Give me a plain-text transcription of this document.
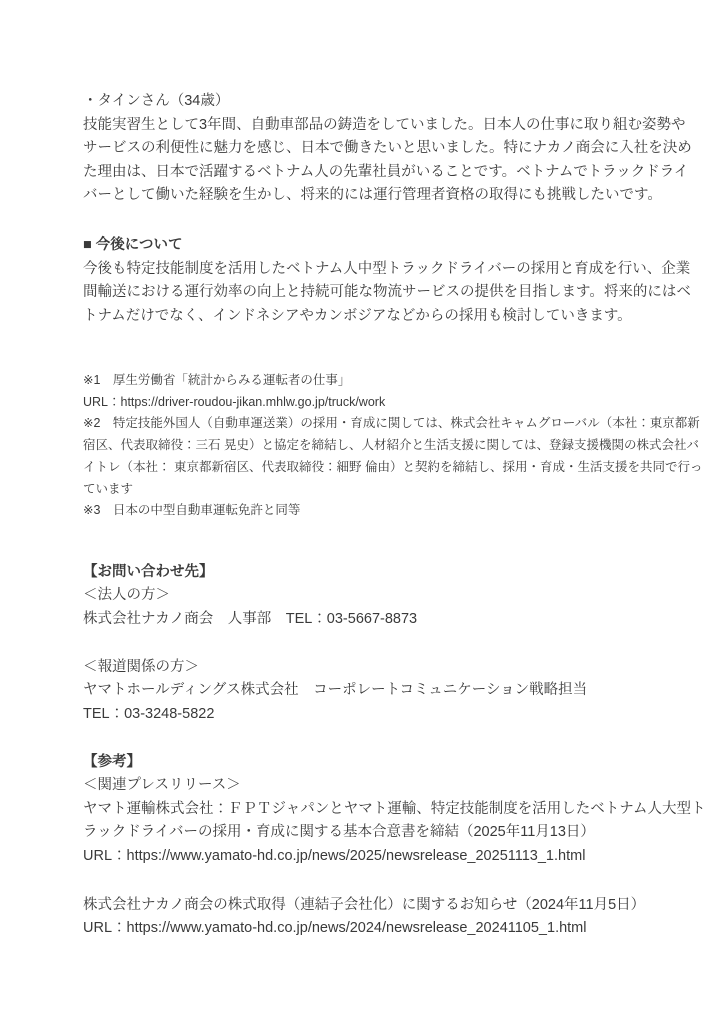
・タインさん（34歳）
技能実習生として3年間、自動車部品の鋳造をしていました。日本人の仕事に取り組む姿勢や
サービスの利便性に魅力を感じ、日本で働きたいと思いました。特にナカノ商会に入社を決め
た理由は、日本で活躍するベトナム人の先輩社員がいることです。ベトナムでトラックドライ
バーとして働いた経験を生かし、将来的には運行管理者資格の取得にも挑戦したいです。
■ 今後について
今後も特定技能制度を活用したベトナム人中型トラックドライバーの採用と育成を行い、企業
間輸送における運行効率の向上と持続可能な物流サービスの提供を目指します。将来的にはベ
トナムだけでなく、インドネシアやカンボジアなどからの採用も検討していきます。
※1　厚生労働省「統計からみる運転者の仕事」
URL：https://driver-roudou-jikan.mhlw.go.jp/truck/work
※2　特定技能外国人（自動車運送業）の採用・育成に関しては、株式会社キャムグローバル（本社：東京都新
宿区、代表取締役：三石 晃史）と協定を締結し、人材紹介と生活支援に関しては、登録支援機関の株式会社バ
イトレ（本社： 東京都新宿区、代表取締役：細野 倫由）と契約を締結し、採用・育成・生活支援を共同で行っ
ています
※3　日本の中型自動車運転免許と同等
【お問い合わせ先】
＜法人の方＞
株式会社ナカノ商会　人事部　TEL：03-5667-8873
＜報道関係の方＞
ヤマトホールディングス株式会社　コーポレートコミュニケーション戦略担当
TEL：03-3248-5822
【参考】
＜関連プレスリリース＞
ヤマト運輸株式会社：ＦＰＴジャパンとヤマト運輸、特定技能制度を活用したベトナム人大型ト
ラックドライバーの採用・育成に関する基本合意書を締結（2025年11月13日）
URL：https://www.yamato-hd.co.jp/news/2025/newsrelease_20251113_1.html
株式会社ナカノ商会の株式取得（連結子会社化）に関するお知らせ（2024年11月5日）
URL：https://www.yamato-hd.co.jp/news/2024/newsrelease_20241105_1.html
